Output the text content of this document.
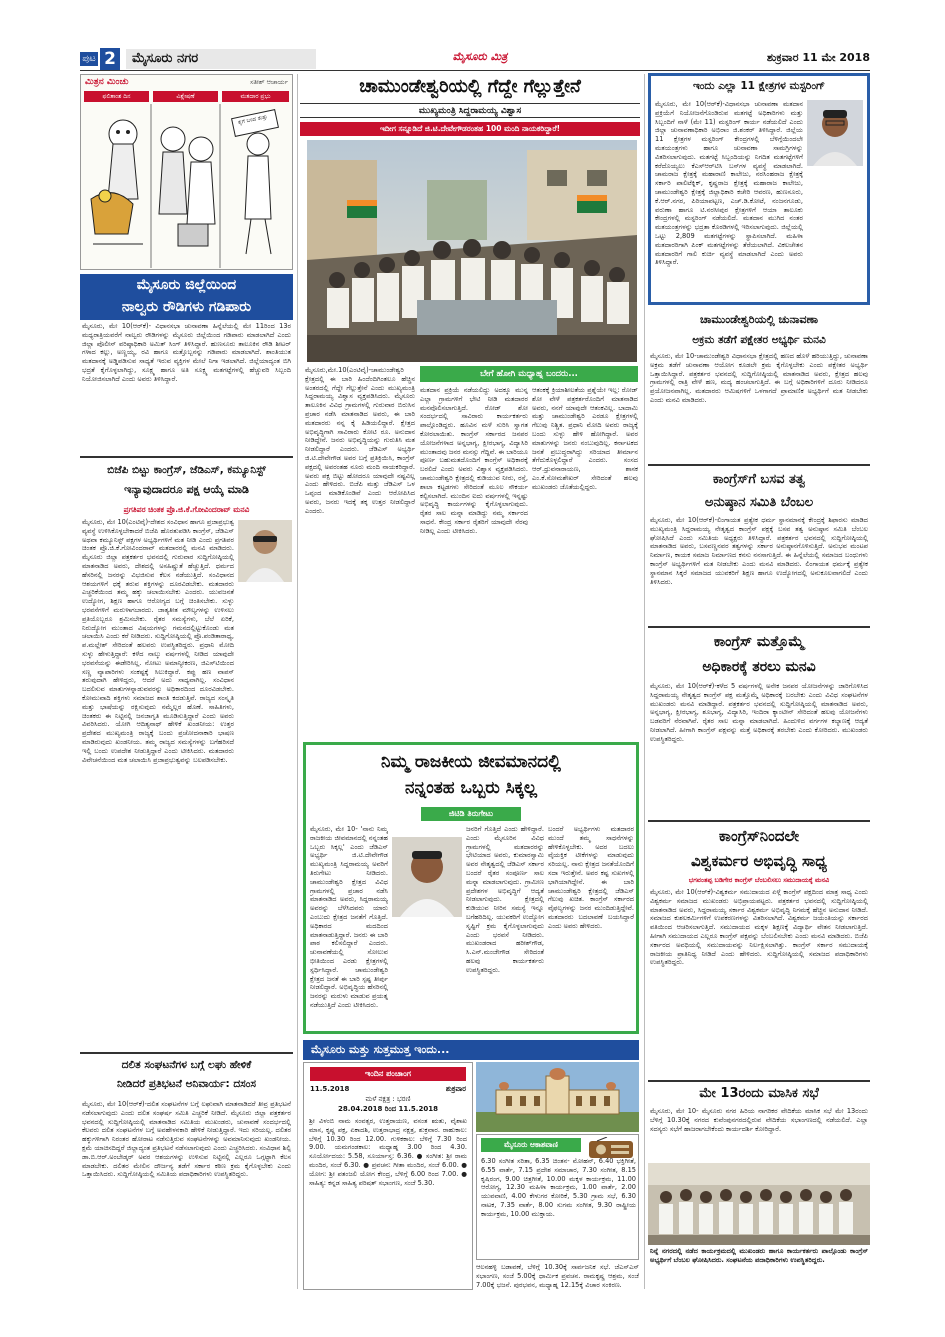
ಪುಟ 2	ಮೈಸೂರು ನಗರ	ಮೈಸೂರು ಮಿತ್ರ	ಶುಕ್ರವಾರ 11 ಮೇ 2018
ಮಿತ್ರನ ಮಿಂಚು	ಸತೀಶ್ ಆಚಾರ್ಯ
ಫಲಿತಾಂಶ ದಿನ	ವಿಶ್ಲೇಷಣೆ	ಮತದಾರ ಪ್ರಭು
ಕೈಗೆ ಬಂದ ತುತ್ತು
ಮೈಸೂರು ಜಿಲ್ಲೆಯಿಂದ
ನಾಲ್ವರು ರೌಡಿಗಳು ಗಡಿಪಾರು
ಮೈಸೂರು, ಮೇ 10(ಆರ್‌ಕೆ)- ವಿಧಾನಸಭಾ ಚುನಾವಣಾ ಹಿನ್ನೆಲೆಯಲ್ಲಿ ಮೇ 11ರಿಂದ 13ರ ಮಧ್ಯರಾತ್ರಿಯವರೆಗೆ ನಾಲ್ವರು ರೌಡಿಗಳನ್ನು ಮೈಸೂರು ಜಿಲ್ಲೆಯಿಂದ ಗಡಿಪಾರು ಮಾಡಲಾಗಿದೆ ಎಂದು ಜಿಲ್ಲಾ ಪೊಲೀಸ್ ವರಿಷ್ಠಾಧಿಕಾರಿ ಅಮಿತ್ ಸಿಂಗ್ ತಿಳಿಸಿದ್ದಾರೆ. ಹುಣಸೂರು ತಾಲೂಕಿನ ರೌಡಿ ಶೀಟರ್ ಗಳಾದ ಕಲ್ಲು, ಅಣ್ಣಯ್ಯ, ರವಿ ಹಾಗೂ ಮತ್ತೊಬ್ಬನನ್ನು ಗಡಿಪಾರು ಮಾಡಲಾಗಿದೆ. ಶಾಂತಿಯುತ ಮತದಾನಕ್ಕೆ ಅಡ್ಡಿಪಡಿಸುವ ಸಾಧ್ಯತೆ ಇರುವ ವ್ಯಕ್ತಿಗಳ ಮೇಲೆ ನಿಗಾ ಇಡಲಾಗಿದೆ. ಜಿಲ್ಲೆಯಾದ್ಯಂತ ಬಿಗಿ ಭದ್ರತೆ ಕೈಗೊಳ್ಳಲಾಗಿದ್ದು, ಸೂಕ್ಷ್ಮ ಹಾಗೂ ಅತಿ ಸೂಕ್ಷ್ಮ ಮತಗಟ್ಟೆಗಳಲ್ಲಿ ಹೆಚ್ಚುವರಿ ಸಿಬ್ಬಂದಿ ನಿಯೋಜಿಸಲಾಗಿದೆ ಎಂದು ಅವರು ತಿಳಿಸಿದ್ದಾರೆ.
ಬಿಜೆಪಿ ಬಿಟ್ಟು ಕಾಂಗ್ರೆಸ್, ಜೆಡಿಎಸ್, ಕಮ್ಯೂನಿಸ್ಟ್
ಇನ್ಯಾವುದಾದರೂ ಪಕ್ಷ ಆಯ್ಕೆ ಮಾಡಿ
ಪ್ರಗತಿಪರ ಚಿಂತಕ ಪ್ರೊ.ಜಿ.ಕೆ.ಗೋವಿಂದರಾವ್ ಮನವಿ
ಮೈಸೂರು, ಮೇ 10(ಎಂಟಿವೈ)-ದೇಶದ ಸಂವಿಧಾನ ಹಾಗೂ ಪ್ರಜಾಪ್ರಭುತ್ವ ವ್ಯವಸ್ಥೆ ಉಳಿಸಿಕೊಳ್ಳಬೇಕಾದರೆ ಬಿಜೆಪಿ ಹೊರತುಪಡಿಸಿ ಕಾಂಗ್ರೆಸ್, ಜೆಡಿಎಸ್ ಅಥವಾ ಕಮ್ಯೂನಿಸ್ಟ್ ಪಕ್ಷಗಳ ಅಭ್ಯರ್ಥಿಗಳಿಗೆ ಮತ ನೀಡಿ ಎಂದು ಪ್ರಗತಿಪರ ಚಿಂತಕ ಪ್ರೊ.ಜಿ.ಕೆ.ಗೋವಿಂದರಾವ್ ಮತದಾರರಲ್ಲಿ ಮನವಿ ಮಾಡಿದರು. ಮೈಸೂರು ಜಿಲ್ಲಾ ಪತ್ರಕರ್ತರ ಭವನದಲ್ಲಿ ಗುರುವಾರ ಸುದ್ದಿಗೋಷ್ಠಿಯಲ್ಲಿ ಮಾತನಾಡಿದ ಅವರು, ದೇಶದಲ್ಲಿ ಅಸಹಿಷ್ಣುತೆ ಹೆಚ್ಚುತ್ತಿದೆ. ಧರ್ಮದ ಹೆಸರಿನಲ್ಲಿ ಜನರನ್ನು ವಿಭಜಿಸುವ ಕೆಲಸ ನಡೆಯುತ್ತಿದೆ. ಸಂವಿಧಾನದ ಆಶಯಗಳಿಗೆ ಧಕ್ಕೆ ತರುವ ಶಕ್ತಿಗಳನ್ನು ದೂರವಿಡಬೇಕು. ಮತದಾರರು ಎಚ್ಚರಿಕೆಯಿಂದ ತಮ್ಮ ಹಕ್ಕು ಚಲಾಯಿಸಬೇಕು ಎಂದರು. ಯುವಜನತೆ ಉದ್ಯೋಗ, ಶಿಕ್ಷಣ ಹಾಗೂ ಆರೋಗ್ಯದ ಬಗ್ಗೆ ಚಿಂತಿಸಬೇಕು. ಸುಳ್ಳು ಭರವಸೆಗಳಿಗೆ ಮರುಳಾಗಬಾರದು. ಜಾತ್ಯತೀತ ಮೌಲ್ಯಗಳನ್ನು ಉಳಿಸಲು ಪ್ರತಿಯೊಬ್ಬರೂ ಶ್ರಮಿಸಬೇಕು. ರೈತರ ಸಮಸ್ಯೆಗಳು, ಬೆಲೆ ಏರಿಕೆ, ನಿರುದ್ಯೋಗ ಮುಂತಾದ ವಿಷಯಗಳನ್ನು ಗಮನದಲ್ಲಿಟ್ಟುಕೊಂಡು ಮತ ಚಲಾಯಿಸಿ ಎಂದು ಕರೆ ನೀಡಿದರು. ಸುದ್ದಿಗೋಷ್ಠಿಯಲ್ಲಿ ಪ್ರೊ.ಪಂಡಿತಾರಾಧ್ಯ, ಪ.ಮಲ್ಲೇಶ್ ಸೇರಿದಂತೆ ಹಲವರು ಉಪಸ್ಥಿತರಿದ್ದರು. ಪ್ರಧಾನಿ ಮೋದಿ ಸುಳ್ಳು ಹೇಳುತ್ತಿದ್ದಾರೆ: ಕಳೆದ ನಾಲ್ಕು ವರ್ಷಗಳಲ್ಲಿ ನೀಡಿದ ಯಾವುದೇ ಭರವಸೆಯನ್ನು ಈಡೇರಿಸಿಲ್ಲ. ನೋಟು ಅಮಾನ್ಯೀಕರಣ, ಜಿಎಸ್‌ಟಿಯಿಂದ ಸಣ್ಣ ವ್ಯಾಪಾರಿಗಳು ಸಂಕಷ್ಟಕ್ಕೆ ಸಿಲುಕಿದ್ದಾರೆ. ಕಪ್ಪು ಹಣ ವಾಪಸ್ ತರುವುದಾಗಿ ಹೇಳಿದ್ದರು, ಆದರೆ ಅದು ಸಾಧ್ಯವಾಗಿಲ್ಲ. ಸಂವಿಧಾನ ಬದಲಿಸುವ ಮಾತುಗಳನ್ನಾಡುವವರನ್ನು ಅಧಿಕಾರದಿಂದ ದೂರವಿಡಬೇಕು. ಕೋಮುವಾದಿ ಶಕ್ತಿಗಳು ಸಮಾಜದ ಶಾಂತಿ ಕದಡುತ್ತಿವೆ. ರಾಜ್ಯದ ಸಂಸ್ಕೃತಿ ಮತ್ತು ಭಾಷೆಯನ್ನು ರಕ್ಷಿಸುವುದು ನಮ್ಮೆಲ್ಲರ ಹೊಣೆ. ಸಾಹಿತಿಗಳು, ಚಿಂತಕರು ಈ ನಿಟ್ಟಿನಲ್ಲಿ ಜನಜಾಗೃತಿ ಮೂಡಿಸುತ್ತಿದ್ದಾರೆ ಎಂದು ಅವರು ವಿವರಿಸಿದರು. ಯೋಗಿ ಆದಿತ್ಯನಾಥ್ ಹೇಳಿಕೆ ಖಂಡನೀಯ: ಉತ್ತರ ಪ್ರದೇಶದ ಮುಖ್ಯಮಂತ್ರಿ ರಾಜ್ಯಕ್ಕೆ ಬಂದು ಪ್ರಚೋದನಾಕಾರಿ ಭಾಷಣ ಮಾಡಿರುವುದು ಖಂಡನೀಯ. ತಮ್ಮ ರಾಜ್ಯದ ಸಮಸ್ಯೆಗಳನ್ನು ಬಗೆಹರಿಸದೆ ಇಲ್ಲಿ ಬಂದು ಉಪದೇಶ ನೀಡುತ್ತಿದ್ದಾರೆ ಎಂದು ಟೀಕಿಸಿದರು. ಮತದಾರರು ವಿವೇಚನೆಯಿಂದ ಮತ ಚಲಾಯಿಸಿ ಪ್ರಜಾಪ್ರಭುತ್ವವನ್ನು ಬಲಪಡಿಸಬೇಕು.
ದಲಿತ ಸಂಘಟನೆಗಳ ಬಗ್ಗೆ ಲಘು ಹೇಳಿಕೆ
ನೀಡಿದರೆ ಪ್ರತಿಭಟನೆ ಅನಿವಾರ್ಯ: ದಸಂಸ
ಮೈಸೂರು, ಮೇ 10(ಆರ್‌ಕೆ)-ದಲಿತ ಸಂಘಟನೆಗಳ ಬಗ್ಗೆ ಲಘುವಾಗಿ ಮಾತನಾಡಿದರೆ ತೀವ್ರ ಪ್ರತಿಭಟನೆ ನಡೆಸಲಾಗುವುದು ಎಂದು ದಲಿತ ಸಂಘರ್ಷ ಸಮಿತಿ ಎಚ್ಚರಿಕೆ ನೀಡಿದೆ. ಮೈಸೂರು ಜಿಲ್ಲಾ ಪತ್ರಕರ್ತರ ಭವನದಲ್ಲಿ ಸುದ್ದಿಗೋಷ್ಠಿಯಲ್ಲಿ ಮಾತನಾಡಿದ ಸಮಿತಿಯ ಮುಖಂಡರು, ಚುನಾವಣೆ ಸಂದರ್ಭದಲ್ಲಿ ಕೆಲವರು ದಲಿತ ಸಂಘಟನೆಗಳ ಬಗ್ಗೆ ಅವಹೇಳನಕಾರಿ ಹೇಳಿಕೆ ನೀಡುತ್ತಿದ್ದಾರೆ. ಇದು ಸರಿಯಲ್ಲ. ದಲಿತರ ಹಕ್ಕುಗಳಿಗಾಗಿ ನಿರಂತರ ಹೋರಾಟ ನಡೆಸುತ್ತಿರುವ ಸಂಘಟನೆಗಳನ್ನು ಅವಮಾನಿಸುವುದು ಖಂಡನೀಯ. ಕ್ಷಮೆ ಯಾಚಿಸದಿದ್ದರೆ ಜಿಲ್ಲಾದ್ಯಂತ ಪ್ರತಿಭಟನೆ ನಡೆಸಲಾಗುವುದು ಎಂದು ಎಚ್ಚರಿಸಿದರು. ಸಂವಿಧಾನ ಶಿಲ್ಪಿ ಡಾ.ಬಿ.ಆರ್.ಅಂಬೇಡ್ಕರ್ ಅವರ ಆಶಯಗಳನ್ನು ಉಳಿಸುವ ನಿಟ್ಟಿನಲ್ಲಿ ಎಲ್ಲರೂ ಒಗ್ಗಟ್ಟಾಗಿ ಕೆಲಸ ಮಾಡಬೇಕು. ದಲಿತರ ಮೇಲಿನ ದೌರ್ಜನ್ಯ ತಡೆಗೆ ಸರ್ಕಾರ ಕಠಿಣ ಕ್ರಮ ಕೈಗೊಳ್ಳಬೇಕು ಎಂದು ಒತ್ತಾಯಿಸಿದರು. ಸುದ್ದಿಗೋಷ್ಠಿಯಲ್ಲಿ ಸಮಿತಿಯ ಪದಾಧಿಕಾರಿಗಳು ಉಪಸ್ಥಿತರಿದ್ದರು.
ಚಾಮುಂಡೇಶ್ವರಿಯಲ್ಲಿ ಗೆದ್ದೇ ಗೆಲ್ಲುತ್ತೇನೆ
ಮುಖ್ಯಮಂತ್ರಿ ಸಿದ್ದರಾಮಯ್ಯ ವಿಶ್ವಾಸ
ಇದೀಗ ಸನ್ನೂಡಿದೆ ಜಿ.ಟಿ.ದೇವೇಗೌಡರಂತಹ 100 ಮಂದಿ ನಾಯಕರಿದ್ದಾರೆ!
ಮೈಸೂರು,ಮೇ.10(ಎಂಟಿವೈ)-ಚಾಮುಂಡೇಶ್ವರಿ ಕ್ಷೇತ್ರದಲ್ಲಿ ಈ ಬಾರಿ ಹಿಂದೆಂದಿಗಿಂತಲೂ ಹೆಚ್ಚಿನ ಅಂತರದಲ್ಲಿ ಗೆದ್ದೇ ಗೆಲ್ಲುತ್ತೇನೆ ಎಂದು ಮುಖ್ಯಮಂತ್ರಿ ಸಿದ್ದರಾಮಯ್ಯ ವಿಶ್ವಾಸ ವ್ಯಕ್ತಪಡಿಸಿದರು. ಮೈಸೂರು ತಾಲೂಕಿನ ವಿವಿಧ ಗ್ರಾಮಗಳಲ್ಲಿ ಗುರುವಾರ ಬಿರುಸಿನ ಪ್ರಚಾರ ನಡೆಸಿ ಮಾತನಾಡಿದ ಅವರು, ಈ ಬಾರಿ ಮತದಾರರು ನನ್ನ ಕೈ ಹಿಡಿಯಲಿದ್ದಾರೆ. ಕ್ಷೇತ್ರದ ಅಭಿವೃದ್ಧಿಗಾಗಿ ಸಾವಿರಾರು ಕೋಟಿ ರೂ. ಅನುದಾನ ನೀಡಿದ್ದೇನೆ. ಜನರು ಅಭಿವೃದ್ಧಿಯನ್ನು ಗುರುತಿಸಿ ಮತ ನೀಡಲಿದ್ದಾರೆ ಎಂದರು. ಜೆಡಿಎಸ್ ಅಭ್ಯರ್ಥಿ ಜಿ.ಟಿ.ದೇವೇಗೌಡ ಅವರ ಬಗ್ಗೆ ಪ್ರತಿಕ್ರಿಯಿಸಿ, ಕಾಂಗ್ರೆಸ್ ಪಕ್ಷದಲ್ಲಿ ಅವರಂತಹ ನೂರು ಮಂದಿ ನಾಯಕರಿದ್ದಾರೆ. ಅವರು ಪಕ್ಷ ಬಿಟ್ಟು ಹೋದರೂ ಯಾವುದೇ ನಷ್ಟವಿಲ್ಲ ಎಂದು ಹೇಳಿದರು. ಬಿಜೆಪಿ ಮತ್ತು ಜೆಡಿಎಸ್ ಒಳ ಒಪ್ಪಂದ ಮಾಡಿಕೊಂಡಿವೆ ಎಂದು ಆರೋಪಿಸಿದ ಅವರು, ಜನರು ಇದಕ್ಕೆ ತಕ್ಕ ಉತ್ತರ ನೀಡಲಿದ್ದಾರೆ ಎಂದರು.
ಬೇಗೆ ಹೋಗಿ ಮಧ್ಯಾಹ್ನ ಬಂದರು...
ಮತದಾನ ಪ್ರಕ್ರಿಯೆ ನಡೆಯಲಿದ್ದು ಅದಕ್ಕೂ ಮುನ್ನ ಎಲ್ಲಾ ಗ್ರಾಮಗಳಿಗೆ ಭೇಟಿ ನೀಡಿ ಮತದಾರರ ಮನವೊಲಿಸಲಾಗುತ್ತಿದೆ. ರೋಡ್ ಶೋ ಸಂದರ್ಭದಲ್ಲಿ ಸಾವಿರಾರು ಕಾರ್ಯಕರ್ತರು ಪಾಲ್ಗೊಂಡಿದ್ದರು. ಹೂವಿನ ಮಳೆ ಸುರಿಸಿ ಸ್ವಾಗತ ಕೋರಲಾಯಿತು. ಕಾಂಗ್ರೆಸ್ ಸರ್ಕಾರದ ಜನಪರ ಯೋಜನೆಗಳಾದ ಅನ್ನಭಾಗ್ಯ, ಕ್ಷೀರಭಾಗ್ಯ, ವಿದ್ಯಾಸಿರಿ ಮುಂತಾದವು ಜನರ ಮನಸ್ಸು ಗೆದ್ದಿವೆ. ಈ ಬಾರಿಯೂ ಪೂರ್ಣ ಬಹುಮತದೊಂದಿಗೆ ಕಾಂಗ್ರೆಸ್ ಅಧಿಕಾರಕ್ಕೆ ಬರಲಿದೆ ಎಂದು ಅವರು ವಿಶ್ವಾಸ ವ್ಯಕ್ತಪಡಿಸಿದರು. ಚಾಮುಂಡೇಶ್ವರಿ ಕ್ಷೇತ್ರದಲ್ಲಿ ಕುಡಿಯುವ ನೀರು, ರಸ್ತೆ, ಶಾಲಾ ಕಟ್ಟಡಗಳು ಸೇರಿದಂತೆ ಮೂಲ ಸೌಕರ್ಯ ಕಲ್ಪಿಸಲಾಗಿದೆ. ಮುಂದಿನ ಐದು ವರ್ಷಗಳಲ್ಲಿ ಇನ್ನಷ್ಟು ಅಭಿವೃದ್ಧಿ ಕಾರ್ಯಗಳನ್ನು ಕೈಗೊಳ್ಳಲಾಗುವುದು. ರೈತರ ಸಾಲ ಮನ್ನಾ ಮಾಡಿದ್ದು ನಮ್ಮ ಸರ್ಕಾರದ ಸಾಧನೆ. ಕೇಂದ್ರ ಸರ್ಕಾರ ರೈತರಿಗೆ ಯಾವುದೇ ನೆರವು ನೀಡಿಲ್ಲ ಎಂದು ಟೀಕಿಸಿದರು.
ಆತಂಕಕ್ಕೆ ಕ್ರಿಯಾಶೀಲತೆಯ ಪ್ರಶ್ನೆಯೇ ಇಲ್ಲ: ರೋಡ್ ಶೋ ವೇಳೆ ಪತ್ರಕರ್ತರೊಂದಿಗೆ ಮಾತನಾಡಿದ ಅವರು, ನನಗೆ ಯಾವುದೇ ಆತಂಕವಿಲ್ಲ. ಬಾದಾಮಿ ಮತ್ತು ಚಾಮುಂಡೇಶ್ವರಿ ಎರಡೂ ಕ್ಷೇತ್ರಗಳಲ್ಲಿ ಗೆಲುವು ನಿಶ್ಚಿತ. ಪ್ರಧಾನಿ ಮೋದಿ ಅವರು ರಾಜ್ಯಕ್ಕೆ ಬಂದು ಸುಳ್ಳು ಹೇಳಿ ಹೋಗಿದ್ದಾರೆ. ಅವರ ಮಾತುಗಳನ್ನು ಜನರು ನಂಬುವುದಿಲ್ಲ. ಕರ್ನಾಟಕದ ಜನತೆ ಪ್ರಬುದ್ಧರಾಗಿದ್ದು ಸರಿಯಾದ ತೀರ್ಮಾನ ತೆಗೆದುಕೊಳ್ಳಲಿದ್ದಾರೆ ಎಂದರು. ಸಂಸದ ಆರ್.ಧ್ರುವನಾರಾಯಣ, ಶಾಸಕ ಎಂ.ಕೆ.ಸೋಮಶೇಖರ್ ಸೇರಿದಂತೆ ಹಲವು ಮುಖಂಡರು ಜೊತೆಯಲ್ಲಿದ್ದರು.
ನಿಮ್ಮ ರಾಜಕೀಯ ಜೀವಮಾನದಲ್ಲಿ
ನನ್ನಂತಹ ಒಬ್ಬರು ಸಿಕ್ಕಲ್ಲ
ಜಿಟಿಡಿ ತಿರುಗೇಟು
ಮೈಸೂರು, ಮೇ 10- 'ನಾನು ನಿಮ್ಮ ರಾಜಕೀಯ ಜೀವಮಾನದಲ್ಲಿ ನನ್ನಂತಹ ಒಬ್ಬರು ಸಿಕ್ಕಲ್ಲ' ಎಂದು ಜೆಡಿಎಸ್ ಅಭ್ಯರ್ಥಿ ಜಿ.ಟಿ.ದೇವೇಗೌಡ ಮುಖ್ಯಮಂತ್ರಿ ಸಿದ್ದರಾಮಯ್ಯ ಅವರಿಗೆ ತಿರುಗೇಟು ನೀಡಿದರು. ಚಾಮುಂಡೇಶ್ವರಿ ಕ್ಷೇತ್ರದ ವಿವಿಧ ಗ್ರಾಮಗಳಲ್ಲಿ ಪ್ರಚಾರ ನಡೆಸಿ ಮಾತನಾಡಿದ ಅವರು, ಸಿದ್ದರಾಮಯ್ಯ ಅವರನ್ನು ಬೆಳೆಸಿದವರು ಯಾರು ಎಂಬುದು ಕ್ಷೇತ್ರದ ಜನತೆಗೆ ಗೊತ್ತಿದೆ. ಅಧಿಕಾರದ ಮದದಿಂದ ಮಾತನಾಡುತ್ತಿದ್ದಾರೆ. ಜನರು ಈ ಬಾರಿ ಪಾಠ ಕಲಿಸಲಿದ್ದಾರೆ ಎಂದರು. ಚುನಾವಣೆಯಲ್ಲಿ ಸೋಲುವ ಭೀತಿಯಿಂದ ಎರಡು ಕ್ಷೇತ್ರಗಳಲ್ಲಿ ಸ್ಪರ್ಧಿಸಿದ್ದಾರೆ. ಚಾಮುಂಡೇಶ್ವರಿ ಕ್ಷೇತ್ರದ ಜನತೆ ಈ ಬಾರಿ ಸ್ಪಷ್ಟ ತೀರ್ಪು ನೀಡಲಿದ್ದಾರೆ. ಅಭಿವೃದ್ಧಿಯ ಹೆಸರಿನಲ್ಲಿ ಜನರನ್ನು ಮರುಳು ಮಾಡುವ ಪ್ರಯತ್ನ ನಡೆಯುತ್ತಿದೆ ಎಂದು ಟೀಕಿಸಿದರು.
ಜನರಿಗೆ ಗೊತ್ತಿದೆ ಎಂದು ಹೇಳಿದ್ದಾರೆ. ಎಂದು ಮೈಸೂರಿನ ವಿವಿಧ ಗ್ರಾಮಗಳಲ್ಲಿ ಮತದಾರರನ್ನು ಭೇಟಿಯಾದ ಅವರು, ಕುಮಾರಸ್ವಾಮಿ ಅವರ ನೇತೃತ್ವದಲ್ಲಿ ಜೆಡಿಎಸ್ ಸರ್ಕಾರ ಬಂದರೆ ರೈತರ ಸಂಪೂರ್ಣ ಸಾಲ ಮನ್ನಾ ಮಾಡಲಾಗುವುದು. ಗ್ರಾಮೀಣ ಪ್ರದೇಶಗಳ ಅಭಿವೃದ್ಧಿಗೆ ಆದ್ಯತೆ ನೀಡಲಾಗುವುದು. ಕ್ಷೇತ್ರದಲ್ಲಿ ಕುಡಿಯುವ ನೀರಿನ ಸಮಸ್ಯೆ ಇನ್ನೂ ಬಗೆಹರಿದಿಲ್ಲ. ಯುವಕರಿಗೆ ಉದ್ಯೋಗ ಸೃಷ್ಟಿಗೆ ಕ್ರಮ ಕೈಗೊಳ್ಳಲಾಗುವುದು ಎಂದು ಭರವಸೆ ನೀಡಿದರು. ಮುಖಂಡರಾದ ಹರೀಶ್‌ಗೌಡ, ಸಿ.ಎನ್.ಮಂಜೇಗೌಡ ಸೇರಿದಂತೆ ಹಲವು ಕಾರ್ಯಕರ್ತರು ಉಪಸ್ಥಿತರಿದ್ದರು.
ಬಂದರೆ ಅಭ್ಯರ್ಥಿಗಳು ಮತದಾರರ ಮುಂದೆ ತಮ್ಮ ಸಾಧನೆಗಳನ್ನು ಹೇಳಿಕೊಳ್ಳಬೇಕು. ಅದರ ಬದಲು ವೈಯಕ್ತಿಕ ಟೀಕೆಗಳನ್ನು ಮಾಡುವುದು ಸರಿಯಲ್ಲ. ನಾನು ಕ್ಷೇತ್ರದ ಜನತೆಯೊಂದಿಗೆ ಸದಾ ಇರುತ್ತೇನೆ. ಅವರ ಕಷ್ಟ ಸುಖಗಳಲ್ಲಿ ಭಾಗಿಯಾಗಿದ್ದೇನೆ. ಈ ಬಾರಿ ಚಾಮುಂಡೇಶ್ವರಿ ಕ್ಷೇತ್ರದಲ್ಲಿ ಜೆಡಿಎಸ್ ಗೆಲುವು ಖಚಿತ. ಕಾಂಗ್ರೆಸ್ ಸರ್ಕಾರದ ವೈಫಲ್ಯಗಳನ್ನು ಜನರ ಮುಂದಿಡುತ್ತಿದ್ದೇವೆ. ಮತದಾರರು ಬದಲಾವಣೆ ಬಯಸಿದ್ದಾರೆ ಎಂದು ಅವರು ಹೇಳಿದರು.
ಮೈಸೂರು ಮತ್ತು ಸುತ್ತಮುತ್ತ ಇಂದು...
ಇಂದಿನ ಪಂಚಾಂಗ
11.5.2018	ಶುಕ್ರವಾರ
ಮಳೆ ನಕ್ಷತ್ರ : ಭರಣಿ
28.04.2018 ರಿಂದ 11.5.2018
ಶ್ರೀ ವಿಳಂಬಿ ನಾಮ ಸಂವತ್ಸರ, ಉತ್ತರಾಯಣ, ವಸಂತ ಋತು, ವೈಶಾಖ ಮಾಸ, ಕೃಷ್ಣ ಪಕ್ಷ, ಏಕಾದಶಿ, ಉತ್ತರಾಭಾದ್ರ ನಕ್ಷತ್ರ, ಶುಕ್ರವಾರ. ರಾಹುಕಾಲ: ಬೆಳಿಗ್ಗೆ 10.30 ರಿಂದ 12.00. ಗುಳಿಕಕಾಲ: ಬೆಳಿಗ್ಗೆ 7.30 ರಿಂದ 9.00. ಯಮಗಂಡಕಾಲ: ಮಧ್ಯಾಹ್ನ 3.00 ರಿಂದ 4.30. ಸೂರ್ಯೋದಯ: 5.58, ಸೂರ್ಯಾಸ್ತ: 6.36. ● ಸಂಗೀತ: ಶ್ರೀ ರಾಮ ಮಂದಿರ, ಸಂಜೆ 6.30. ● ಪ್ರವಚನ: ಗೀತಾ ಮಂದಿರ, ಸಂಜೆ 6.00. ● ಯೋಗ: ಶ್ರೀ ಪತಂಜಲಿ ಯೋಗ ಕೇಂದ್ರ, ಬೆಳಿಗ್ಗೆ 6.00 ರಿಂದ 7.00. ● ಸಾಹಿತ್ಯ: ಕನ್ನಡ ಸಾಹಿತ್ಯ ಪರಿಷತ್ ಸಭಾಂಗಣ, ಸಂಜೆ 5.30.
ಮೈಸೂರು ಆಕಾಶವಾಣಿ
6.30 ಸಂಗೀತ ಸರಿತಾ, 6.35 ಚಿಂತನ- ಮೋಹನ್, 6.40 ಭಕ್ತಿಗೀತೆ, 6.55 ವಾರ್ತೆ, 7.15 ಪ್ರದೇಶ ಸಮಾಚಾರ, 7.30 ಸಂಗೀತ, 8.15 ಕೃಷಿರಂಗ, 9.00 ಚಿತ್ರಗೀತೆ, 10.00 ಮಕ್ಕಳ ಕಾರ್ಯಕ್ರಮ, 11.00 ಆರೋಗ್ಯ, 12.30 ಮಹಿಳಾ ಕಾರ್ಯಕ್ರಮ, 1.00 ವಾರ್ತೆ, 2.00 ಯುವವಾಣಿ, 4.00 ಕೇಳುಗರ ಕೋರಿಕೆ, 5.30 ಗ್ರಾಮ ಸಭೆ, 6.30 ನಾಟಕ, 7.35 ವಾರ್ತೆ, 8.00 ಸುಗಮ ಸಂಗೀತ, 9.30 ರಾಷ್ಟ್ರೀಯ ಕಾರ್ಯಕ್ರಮ, 10.00 ಮುಕ್ತಾಯ.
ಆಲನಹಳ್ಳಿ ಬಡಾವಣೆ, ಬೆಳಿಗ್ಗೆ 10.30ಕ್ಕೆ ಸಾರ್ವಜನಿಕ ಸಭೆ. ಜೆಎಸ್‌ಎಸ್ ಸಭಾಂಗಣ, ಸಂಜೆ 5.00ಕ್ಕೆ ಧಾರ್ಮಿಕ ಪ್ರವಚನ. ರಾಮಕೃಷ್ಣ ಆಶ್ರಮ, ಸಂಜೆ 7.00ಕ್ಕೆ ಭಜನೆ. ಪುರಭವನ, ಮಧ್ಯಾಹ್ನ 12.15ಕ್ಕೆ ವಿಚಾರ ಸಂಕಿರಣ.
ಇಂದು ಎಲ್ಲಾ 11 ಕ್ಷೇತ್ರಗಳ ಮಸ್ಟರಿಂಗ್
ಮೈಸೂರು, ಮೇ 10(ಆರ್‌ಕೆ)-ವಿಧಾನಸಭಾ ಚುನಾವಣಾ ಮತದಾನ ಪ್ರಕ್ರಿಯೆಗೆ ನಿಯೋಜನೆಗೊಂಡಿರುವ ಮತಗಟ್ಟೆ ಅಧಿಕಾರಿಗಳು ಮತ್ತು ಸಿಬ್ಬಂದಿಗೆ ನಾಳೆ (ಮೇ 11) ಮಸ್ಟರಿಂಗ್ ಕಾರ್ಯ ನಡೆಯಲಿದೆ ಎಂದು ಜಿಲ್ಲಾ ಚುನಾವಣಾಧಿಕಾರಿ ಅಭಿರಾಂ ಜಿ.ಶಂಕರ್ ತಿಳಿಸಿದ್ದಾರೆ. ಜಿಲ್ಲೆಯ 11 ಕ್ಷೇತ್ರಗಳ ಮಸ್ಟರಿಂಗ್ ಕೇಂದ್ರಗಳಲ್ಲಿ ಬೆಳಿಗ್ಗೆಯಿಂದಲೇ ಮತಯಂತ್ರಗಳು ಹಾಗೂ ಚುನಾವಣಾ ಸಾಮಗ್ರಿಗಳನ್ನು ವಿತರಿಸಲಾಗುವುದು. ಮತಗಟ್ಟೆ ಸಿಬ್ಬಂದಿಯನ್ನು ನಿಗದಿತ ಮತಗಟ್ಟೆಗಳಿಗೆ ಕರೆದೊಯ್ಯಲು ಕೆಎಸ್‌ಆರ್‌ಟಿಸಿ ಬಸ್‌ಗಳ ವ್ಯವಸ್ಥೆ ಮಾಡಲಾಗಿದೆ. ಚಾಮರಾಜ ಕ್ಷೇತ್ರಕ್ಕೆ ಮಹಾರಾಣಿ ಕಾಲೇಜು, ನರಸಿಂಹರಾಜ ಕ್ಷೇತ್ರಕ್ಕೆ ಸರ್ಕಾರಿ ಪಾಲಿಟೆಕ್ನಿಕ್, ಕೃಷ್ಣರಾಜ ಕ್ಷೇತ್ರಕ್ಕೆ ಮಹಾರಾಜ ಕಾಲೇಜು, ಚಾಮುಂಡೇಶ್ವರಿ ಕ್ಷೇತ್ರಕ್ಕೆ ಜಿಲ್ಲಾಧಿಕಾರಿ ಕಚೇರಿ ಆವರಣ, ಹುಣಸೂರು, ಕೆ.ಆರ್.ನಗರ, ಪಿರಿಯಾಪಟ್ಟಣ, ಎಚ್.ಡಿ.ಕೋಟೆ, ನಂಜನಗೂಡು, ವರುಣಾ ಹಾಗೂ ಟಿ.ನರಸೀಪುರ ಕ್ಷೇತ್ರಗಳಿಗೆ ಆಯಾ ತಾಲೂಕು ಕೇಂದ್ರಗಳಲ್ಲಿ ಮಸ್ಟರಿಂಗ್ ನಡೆಯಲಿದೆ. ಮತದಾನ ಮುಗಿದ ನಂತರ ಮತಯಂತ್ರಗಳನ್ನು ಭದ್ರತಾ ಕೊಠಡಿಗಳಲ್ಲಿ ಇರಿಸಲಾಗುವುದು. ಜಿಲ್ಲೆಯಲ್ಲಿ ಒಟ್ಟು 2,809 ಮತಗಟ್ಟೆಗಳನ್ನು ಸ್ಥಾಪಿಸಲಾಗಿದೆ. ಮಹಿಳಾ ಮತದಾರರಿಗಾಗಿ ಪಿಂಕ್ ಮತಗಟ್ಟೆಗಳನ್ನು ತೆರೆಯಲಾಗಿದೆ. ವಿಕಲಚೇತನ ಮತದಾರರಿಗೆ ಗಾಲಿ ಕುರ್ಚಿ ವ್ಯವಸ್ಥೆ ಮಾಡಲಾಗಿದೆ ಎಂದು ಅವರು ತಿಳಿಸಿದ್ದಾರೆ.
ಚಾಮುಂಡೇಶ್ವರಿಯಲ್ಲಿ ಚುನಾವಣಾ
ಅಕ್ರಮ ತಡೆಗೆ ಪಕ್ಷೇತರ ಅಭ್ಯರ್ಥಿ ಮನವಿ
ಮೈಸೂರು, ಮೇ 10-ಚಾಮುಂಡೇಶ್ವರಿ ವಿಧಾನಸಭಾ ಕ್ಷೇತ್ರದಲ್ಲಿ ಹಣದ ಹೊಳೆ ಹರಿಯುತ್ತಿದ್ದು, ಚುನಾವಣಾ ಅಕ್ರಮ ತಡೆಗೆ ಚುನಾವಣಾ ಆಯೋಗ ಕೂಡಲೇ ಕ್ರಮ ಕೈಗೊಳ್ಳಬೇಕು ಎಂದು ಪಕ್ಷೇತರ ಅಭ್ಯರ್ಥಿ ಒತ್ತಾಯಿಸಿದ್ದಾರೆ. ಪತ್ರಕರ್ತರ ಭವನದಲ್ಲಿ ಸುದ್ದಿಗೋಷ್ಠಿಯಲ್ಲಿ ಮಾತನಾಡಿದ ಅವರು, ಕ್ಷೇತ್ರದ ಹಲವು ಗ್ರಾಮಗಳಲ್ಲಿ ರಾತ್ರಿ ವೇಳೆ ಹಣ, ಮದ್ಯ ಹಂಚಲಾಗುತ್ತಿದೆ. ಈ ಬಗ್ಗೆ ಅಧಿಕಾರಿಗಳಿಗೆ ದೂರು ನೀಡಿದರೂ ಪ್ರಯೋಜನವಾಗಿಲ್ಲ. ಮತದಾರರು ಆಮಿಷಗಳಿಗೆ ಒಳಗಾಗದೆ ಪ್ರಾಮಾಣಿಕ ಅಭ್ಯರ್ಥಿಗೆ ಮತ ನೀಡಬೇಕು ಎಂದು ಮನವಿ ಮಾಡಿದರು.
ಕಾಂಗ್ರೆಸ್‌ಗೆ ಬಸವ ತತ್ವ
ಅನುಷ್ಠಾನ ಸಮಿತಿ ಬೆಂಬಲ
ಮೈಸೂರು, ಮೇ 10(ಆರ್‌ಕೆ)-ಲಿಂಗಾಯತ ಪ್ರತ್ಯೇಕ ಧರ್ಮ ಸ್ಥಾನಮಾನಕ್ಕೆ ಕೇಂದ್ರಕ್ಕೆ ಶಿಫಾರಸು ಮಾಡಿದ ಮುಖ್ಯಮಂತ್ರಿ ಸಿದ್ದರಾಮಯ್ಯ ನೇತೃತ್ವದ ಕಾಂಗ್ರೆಸ್ ಪಕ್ಷಕ್ಕೆ ಬಸವ ತತ್ವ ಅನುಷ್ಠಾನ ಸಮಿತಿ ಬೆಂಬಲ ಘೋಷಿಸಿದೆ ಎಂದು ಸಮಿತಿಯ ಅಧ್ಯಕ್ಷರು ತಿಳಿಸಿದ್ದಾರೆ. ಪತ್ರಕರ್ತರ ಭವನದಲ್ಲಿ ಸುದ್ದಿಗೋಷ್ಠಿಯಲ್ಲಿ ಮಾತನಾಡಿದ ಅವರು, ಬಸವಣ್ಣನವರ ತತ್ವಗಳನ್ನು ಸರ್ಕಾರ ಅನುಷ್ಠಾನಗೊಳಿಸುತ್ತಿದೆ. ಅನುಭವ ಮಂಟಪ ನಿರ್ಮಾಣ, ಕಾಯಕ ಸಮಾಜ ನಿರ್ಮಾಣದ ಕನಸು ನನಸಾಗುತ್ತಿದೆ. ಈ ಹಿನ್ನೆಲೆಯಲ್ಲಿ ಸಮಾಜದ ಬಂಧುಗಳು ಕಾಂಗ್ರೆಸ್ ಅಭ್ಯರ್ಥಿಗಳಿಗೆ ಮತ ನೀಡಬೇಕು ಎಂದು ಮನವಿ ಮಾಡಿದರು. ಲಿಂಗಾಯತ ಧರ್ಮಕ್ಕೆ ಪ್ರತ್ಯೇಕ ಸ್ಥಾನಮಾನ ಸಿಕ್ಕರೆ ಸಮಾಜದ ಯುವಕರಿಗೆ ಶಿಕ್ಷಣ ಹಾಗೂ ಉದ್ಯೋಗದಲ್ಲಿ ಅನುಕೂಲವಾಗಲಿದೆ ಎಂದು ತಿಳಿಸಿದರು.
ಕಾಂಗ್ರೆಸ್ ಮತ್ತೊಮ್ಮೆ
ಅಧಿಕಾರಕ್ಕೆ ತರಲು ಮನವಿ
ಮೈಸೂರು, ಮೇ 10(ಆರ್‌ಕೆ)-ಕಳೆದ 5 ವರ್ಷಗಳಲ್ಲಿ ಅನೇಕ ಜನಪರ ಯೋಜನೆಗಳನ್ನು ಜಾರಿಗೊಳಿಸಿದ ಸಿದ್ದರಾಮಯ್ಯ ನೇತೃತ್ವದ ಕಾಂಗ್ರೆಸ್ ಪಕ್ಷ ಮತ್ತೊಮ್ಮೆ ಅಧಿಕಾರಕ್ಕೆ ಬರಬೇಕು ಎಂದು ವಿವಿಧ ಸಂಘಟನೆಗಳ ಮುಖಂಡರು ಮನವಿ ಮಾಡಿದ್ದಾರೆ. ಪತ್ರಕರ್ತರ ಭವನದಲ್ಲಿ ಸುದ್ದಿಗೋಷ್ಠಿಯಲ್ಲಿ ಮಾತನಾಡಿದ ಅವರು, ಅನ್ನಭಾಗ್ಯ, ಕ್ಷೀರಭಾಗ್ಯ, ಶೂಭಾಗ್ಯ, ವಿದ್ಯಾಸಿರಿ, ಇಂದಿರಾ ಕ್ಯಾಂಟೀನ್ ಸೇರಿದಂತೆ ಹಲವು ಯೋಜನೆಗಳು ಬಡವರಿಗೆ ನೆರವಾಗಿವೆ. ರೈತರ ಸಾಲ ಮನ್ನಾ ಮಾಡಲಾಗಿದೆ. ಹಿಂದುಳಿದ ವರ್ಗಗಳ ಕಲ್ಯಾಣಕ್ಕೆ ಆದ್ಯತೆ ನೀಡಲಾಗಿದೆ. ಹೀಗಾಗಿ ಕಾಂಗ್ರೆಸ್ ಪಕ್ಷವನ್ನು ಮತ್ತೆ ಅಧಿಕಾರಕ್ಕೆ ತರಬೇಕು ಎಂದು ಕೋರಿದರು. ಮುಖಂಡರು ಉಪಸ್ಥಿತರಿದ್ದರು.
ಕಾಂಗ್ರೆಸ್‌ನಿಂದಲೇ
ವಿಶ್ವಕರ್ಮರ ಅಭಿವೃದ್ಧಿ ಸಾಧ್ಯ
ಭಗವಂತಪ್ಪ ಬಡಿಗೇರ ಕಾಂಗ್ರೆಸ್ ಬೆಂಬಲಿಸಲು ಸಮುದಾಯಕ್ಕೆ ಮನವಿ
ಮೈಸೂರು, ಮೇ 10(ಆರ್‌ಕೆ)-ವಿಶ್ವಕರ್ಮ ಸಮುದಾಯದ ಏಳ್ಗೆ ಕಾಂಗ್ರೆಸ್ ಪಕ್ಷದಿಂದ ಮಾತ್ರ ಸಾಧ್ಯ ಎಂದು ವಿಶ್ವಕರ್ಮ ಸಮಾಜದ ಮುಖಂಡರು ಅಭಿಪ್ರಾಯಪಟ್ಟರು. ಪತ್ರಕರ್ತರ ಭವನದಲ್ಲಿ ಸುದ್ದಿಗೋಷ್ಠಿಯಲ್ಲಿ ಮಾತನಾಡಿದ ಅವರು, ಸಿದ್ದರಾಮಯ್ಯ ಸರ್ಕಾರ ವಿಶ್ವಕರ್ಮ ಅಭಿವೃದ್ಧಿ ನಿಗಮಕ್ಕೆ ಹೆಚ್ಚಿನ ಅನುದಾನ ನೀಡಿದೆ. ಸಮಾಜದ ಕುಶಲಕರ್ಮಿಗಳಿಗೆ ಉಪಕರಣಗಳನ್ನು ವಿತರಿಸಲಾಗಿದೆ. ವಿಶ್ವಕರ್ಮ ಜಯಂತಿಯನ್ನು ಸರ್ಕಾರದ ವತಿಯಿಂದ ಆಚರಿಸಲಾಗುತ್ತಿದೆ. ಸಮುದಾಯದ ಮಕ್ಕಳ ಶಿಕ್ಷಣಕ್ಕೆ ವಿದ್ಯಾರ್ಥಿ ವೇತನ ನೀಡಲಾಗುತ್ತಿದೆ. ಹೀಗಾಗಿ ಸಮುದಾಯದ ಎಲ್ಲರೂ ಕಾಂಗ್ರೆಸ್ ಪಕ್ಷವನ್ನು ಬೆಂಬಲಿಸಬೇಕು ಎಂದು ಮನವಿ ಮಾಡಿದರು. ಬಿಜೆಪಿ ಸರ್ಕಾರದ ಅವಧಿಯಲ್ಲಿ ಸಮುದಾಯವನ್ನು ನಿರ್ಲಕ್ಷಿಸಲಾಗಿತ್ತು. ಕಾಂಗ್ರೆಸ್ ಸರ್ಕಾರ ಸಮುದಾಯಕ್ಕೆ ರಾಜಕೀಯ ಪ್ರಾತಿನಿಧ್ಯ ನೀಡಿದೆ ಎಂದು ಹೇಳಿದರು. ಸುದ್ದಿಗೋಷ್ಠಿಯಲ್ಲಿ ಸಮಾಜದ ಪದಾಧಿಕಾರಿಗಳು ಉಪಸ್ಥಿತರಿದ್ದರು.
ಮೇ 13ರಂದು ಮಾಸಿಕ ಸಭೆ
ಮೈಸೂರು, ಮೇ 10- ಮೈಸೂರು ನಗರ ಹಿರಿಯ ನಾಗರಿಕರ ವೇದಿಕೆಯ ಮಾಸಿಕ ಸಭೆ ಮೇ 13ರಂದು ಬೆಳಿಗ್ಗೆ 10.30ಕ್ಕೆ ನಗರದ ಕುವೆಂಪುನಗರದಲ್ಲಿರುವ ವೇದಿಕೆಯ ಸಭಾಂಗಣದಲ್ಲಿ ನಡೆಯಲಿದೆ. ಎಲ್ಲಾ ಸದಸ್ಯರು ಸಭೆಗೆ ಹಾಜರಾಗಬೇಕೆಂದು ಕಾರ್ಯದರ್ಶಿ ಕೋರಿದ್ದಾರೆ.
ನಿನ್ನೆ ನಗರದಲ್ಲಿ ನಡೆದ ಕಾರ್ಯಕ್ರಮದಲ್ಲಿ ಮುಖಂಡರು ಹಾಗೂ ಕಾರ್ಯಕರ್ತರು ಪಾಲ್ಗೊಂಡು ಕಾಂಗ್ರೆಸ್ ಅಭ್ಯರ್ಥಿಗೆ ಬೆಂಬಲ ಘೋಷಿಸಿದರು. ಸಂಘಟನೆಯ ಪದಾಧಿಕಾರಿಗಳು ಉಪಸ್ಥಿತರಿದ್ದರು.
